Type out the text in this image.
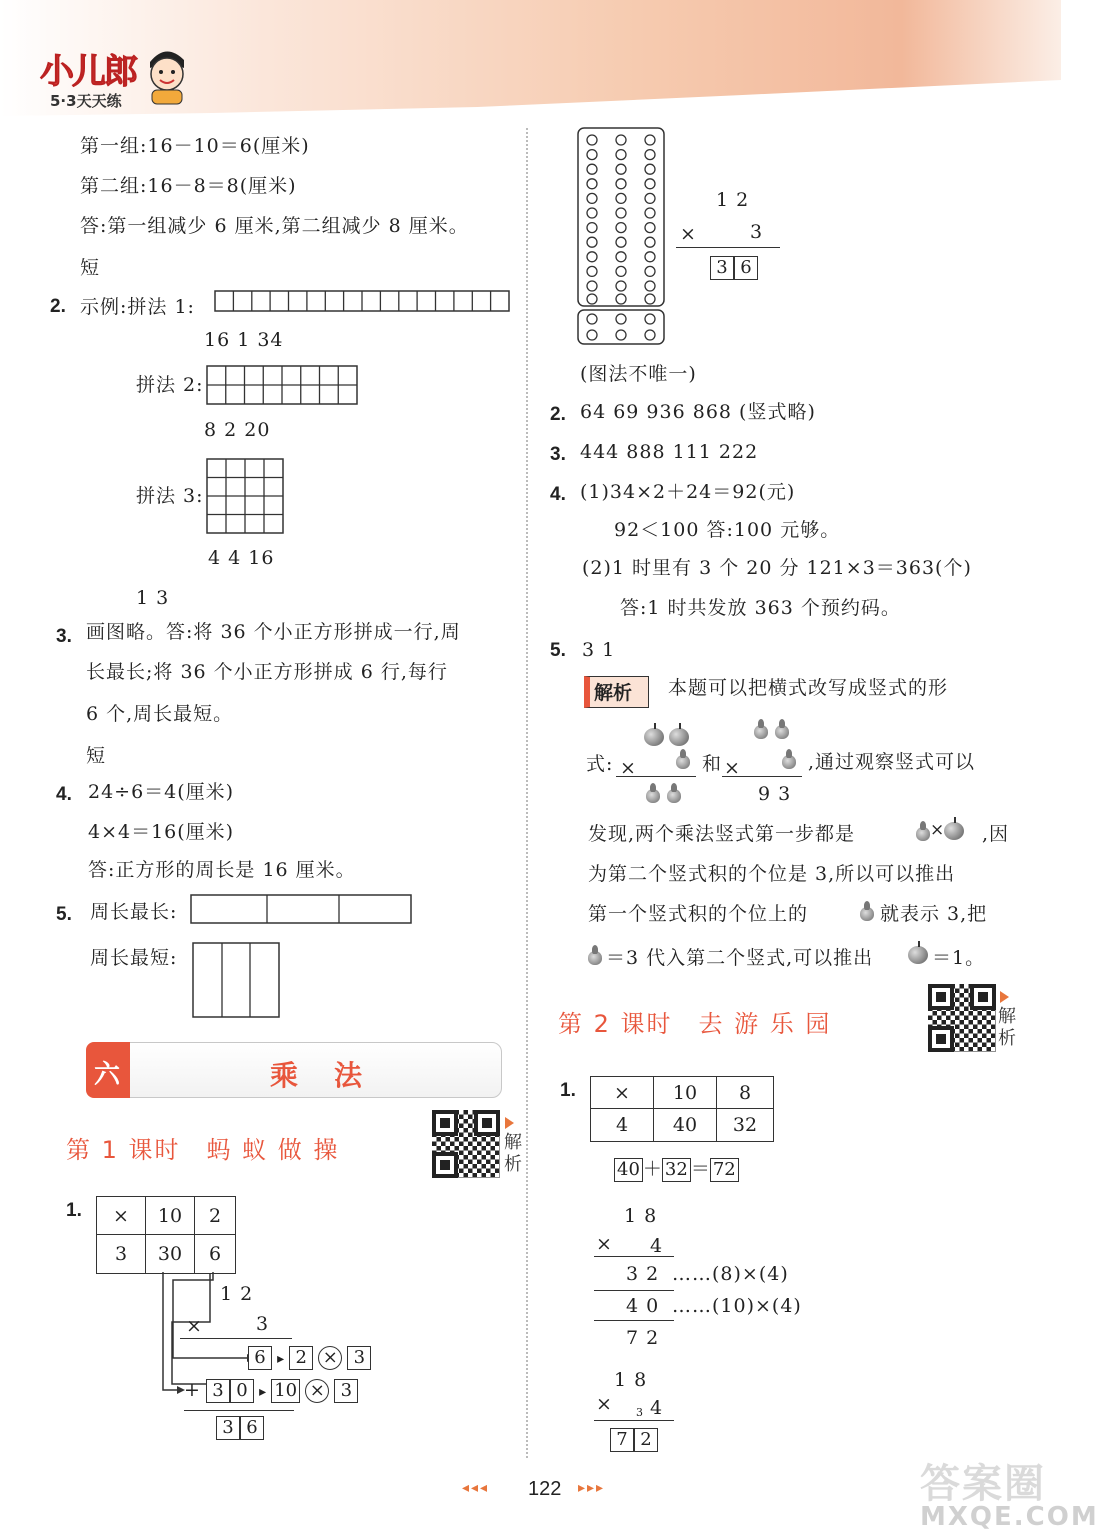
小儿郎
5·3天天练
第一组:16－10＝6(厘米)
第二组:16－8＝8(厘米)
答:第一组减少 6 厘米,第二组减少 8 厘米。
短
2. 示例:拼法 1:
16 1 34
拼法 2:
8 2 20
拼法 3:
4 4 16
1 3
3. 画图略。答:将 36 个小正方形拼成一行,周
长最长;将 36 个小正方形拼成 6 行,每行
6 个,周长最短。
短
4. 24÷6＝4(厘米)
4×4＝16(厘米)
答:正方形的周长是 16 厘米。
5. 周长最长:
周长最短:
六	乘　法
第 1 课时　蚂 蚁 做 操	解析
1. ×	10	2
3	30	6
1 2
×	3
6 ▸ 2 × 3
+ 3 0 ▸ 10 × 3
3 6
1 2
×	3
3 6
(图法不唯一)
2. 64 69 936 868 (竖式略)
3. 444 888 111 222
4. (1)34×2＋24＝92(元)
92＜100 答:100 元够。
(2)1 时里有 3 个 20 分 121×3＝363(个)
答:1 时共发放 363 个预约码。
5. 3 1
解析 本题可以把横式改写成竖式的形

式: ×
	和 ×
9 3
,通过观察竖式可以
发现,两个乘法竖式第一步都是	×	,因
为第二个竖式积的个位是 3,所以可以推出
第一个竖式积的个位上的	就表示 3,把
＝3 代入第二个竖式,可以推出	＝1。
第 2 课时　去 游 乐 园	解析
1. ×	10	8
4	40	32
40 ＋ 32 ＝ 72
1 8
× 4
3 2 ……(8)×(4)
4 0 ……(10)×(4)
7 2
1 8
× 3 4
7 2
◂◂◂ 122 ▸▸▸	答案圈
MXQE.COM
